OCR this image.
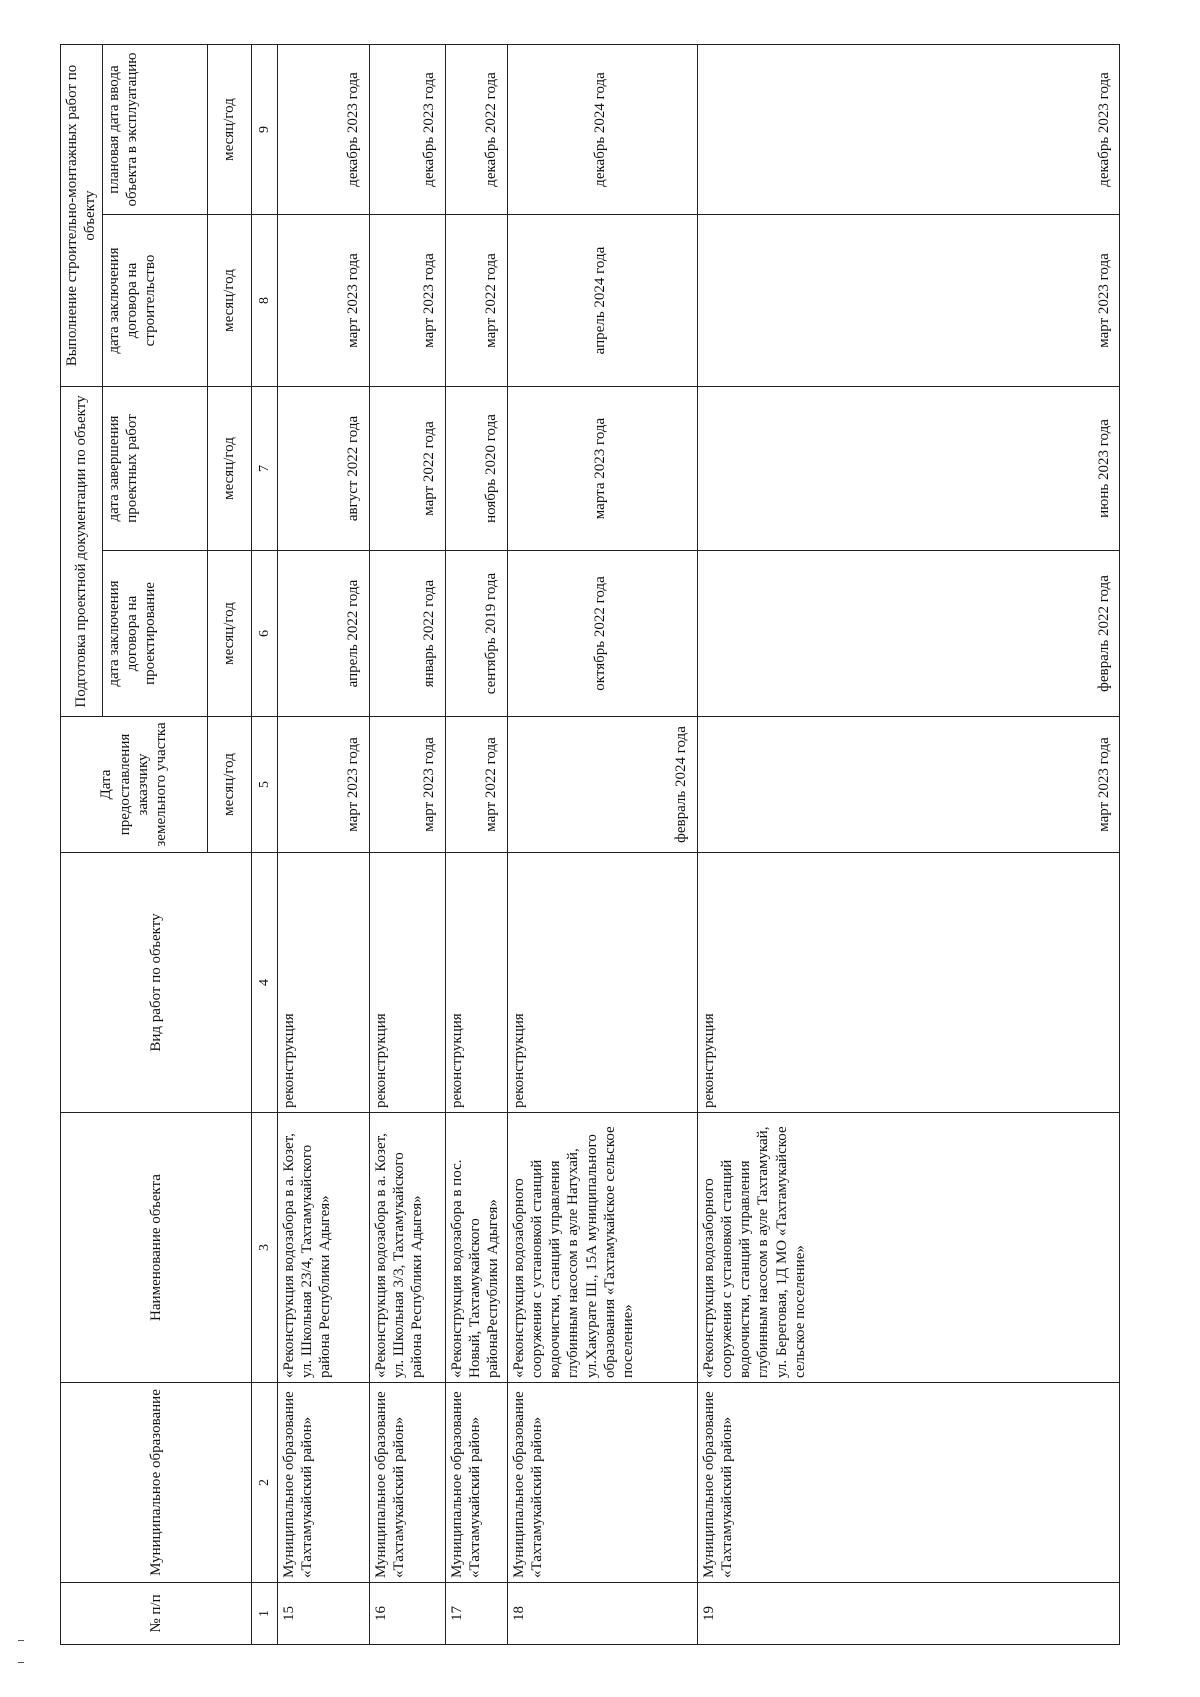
№ п/п	Муниципальное образование	Наименование объекта	Вид работ по объекту	Дата предоставления заказчику земельного участка	Подготовка проектной документации по объекту		Выполнение строительно-монтажных работ по объекту	
					дата заключения договора на проектирование	дата завершения проектных работ	дата заключения договора на строительство	плановая дата ввода объекта в эксплуатацию
				месяц/год	месяц/год	месяц/год	месяц/год	месяц/год
1	2	3	4	5	6	7	8	9
15	Муниципальное образование «Тахтамукайский район»	«Реконструкция водозабора в а. Козет, ул. Школьная 23/4, Тахтамукайского района Республики Адыгея»	реконструкция	март 2023 года	апрель 2022 года	август 2022 года	март 2023 года	декабрь 2023 года
16	Муниципальное образование «Тахтамукайский район»	«Реконструкция водозабора в а. Козет, ул. Школьная 3/3, Тахтамукайского района Республики Адыгея»	реконструкция	март 2023 года	январь 2022 года	март 2022 года	март 2023 года	декабрь 2023 года
17	Муниципальное образование «Тахтамукайский район»	«Реконструкция водозабора в пос. Новый, Тахтамукайского районаРеспублики Адыгея»	реконструкция	март 2022 года	сентябрь 2019 года	ноябрь 2020 года	март 2022 года	декабрь 2022 года
18	Муниципальное образование «Тахтамукайский район»	«Реконструкция водозаборного сооружения с установкой станций водоочистки, станций управления глубинным насосом в ауле Натухай, ул.Хакурате Ш., 15А муниципального образования «Тахтамукайское сельское поселение»	реконструкция	февраль 2024 года	октябрь 2022 года	марта 2023 года	апрель 2024 года	декабрь 2024 года
19	Муниципальное образование «Тахтамукайский район»	«Реконструкция водозаборного сооружения с установкой станций водоочистки, станций управления глубинным насосом в ауле Тахтамукай, ул. Береговая, 1Д МО «Тахтамукайское сельское поселение»	реконструкция	март 2023 года	февраль 2022 года	июнь 2023 года	март 2023 года	декабрь 2023 года
